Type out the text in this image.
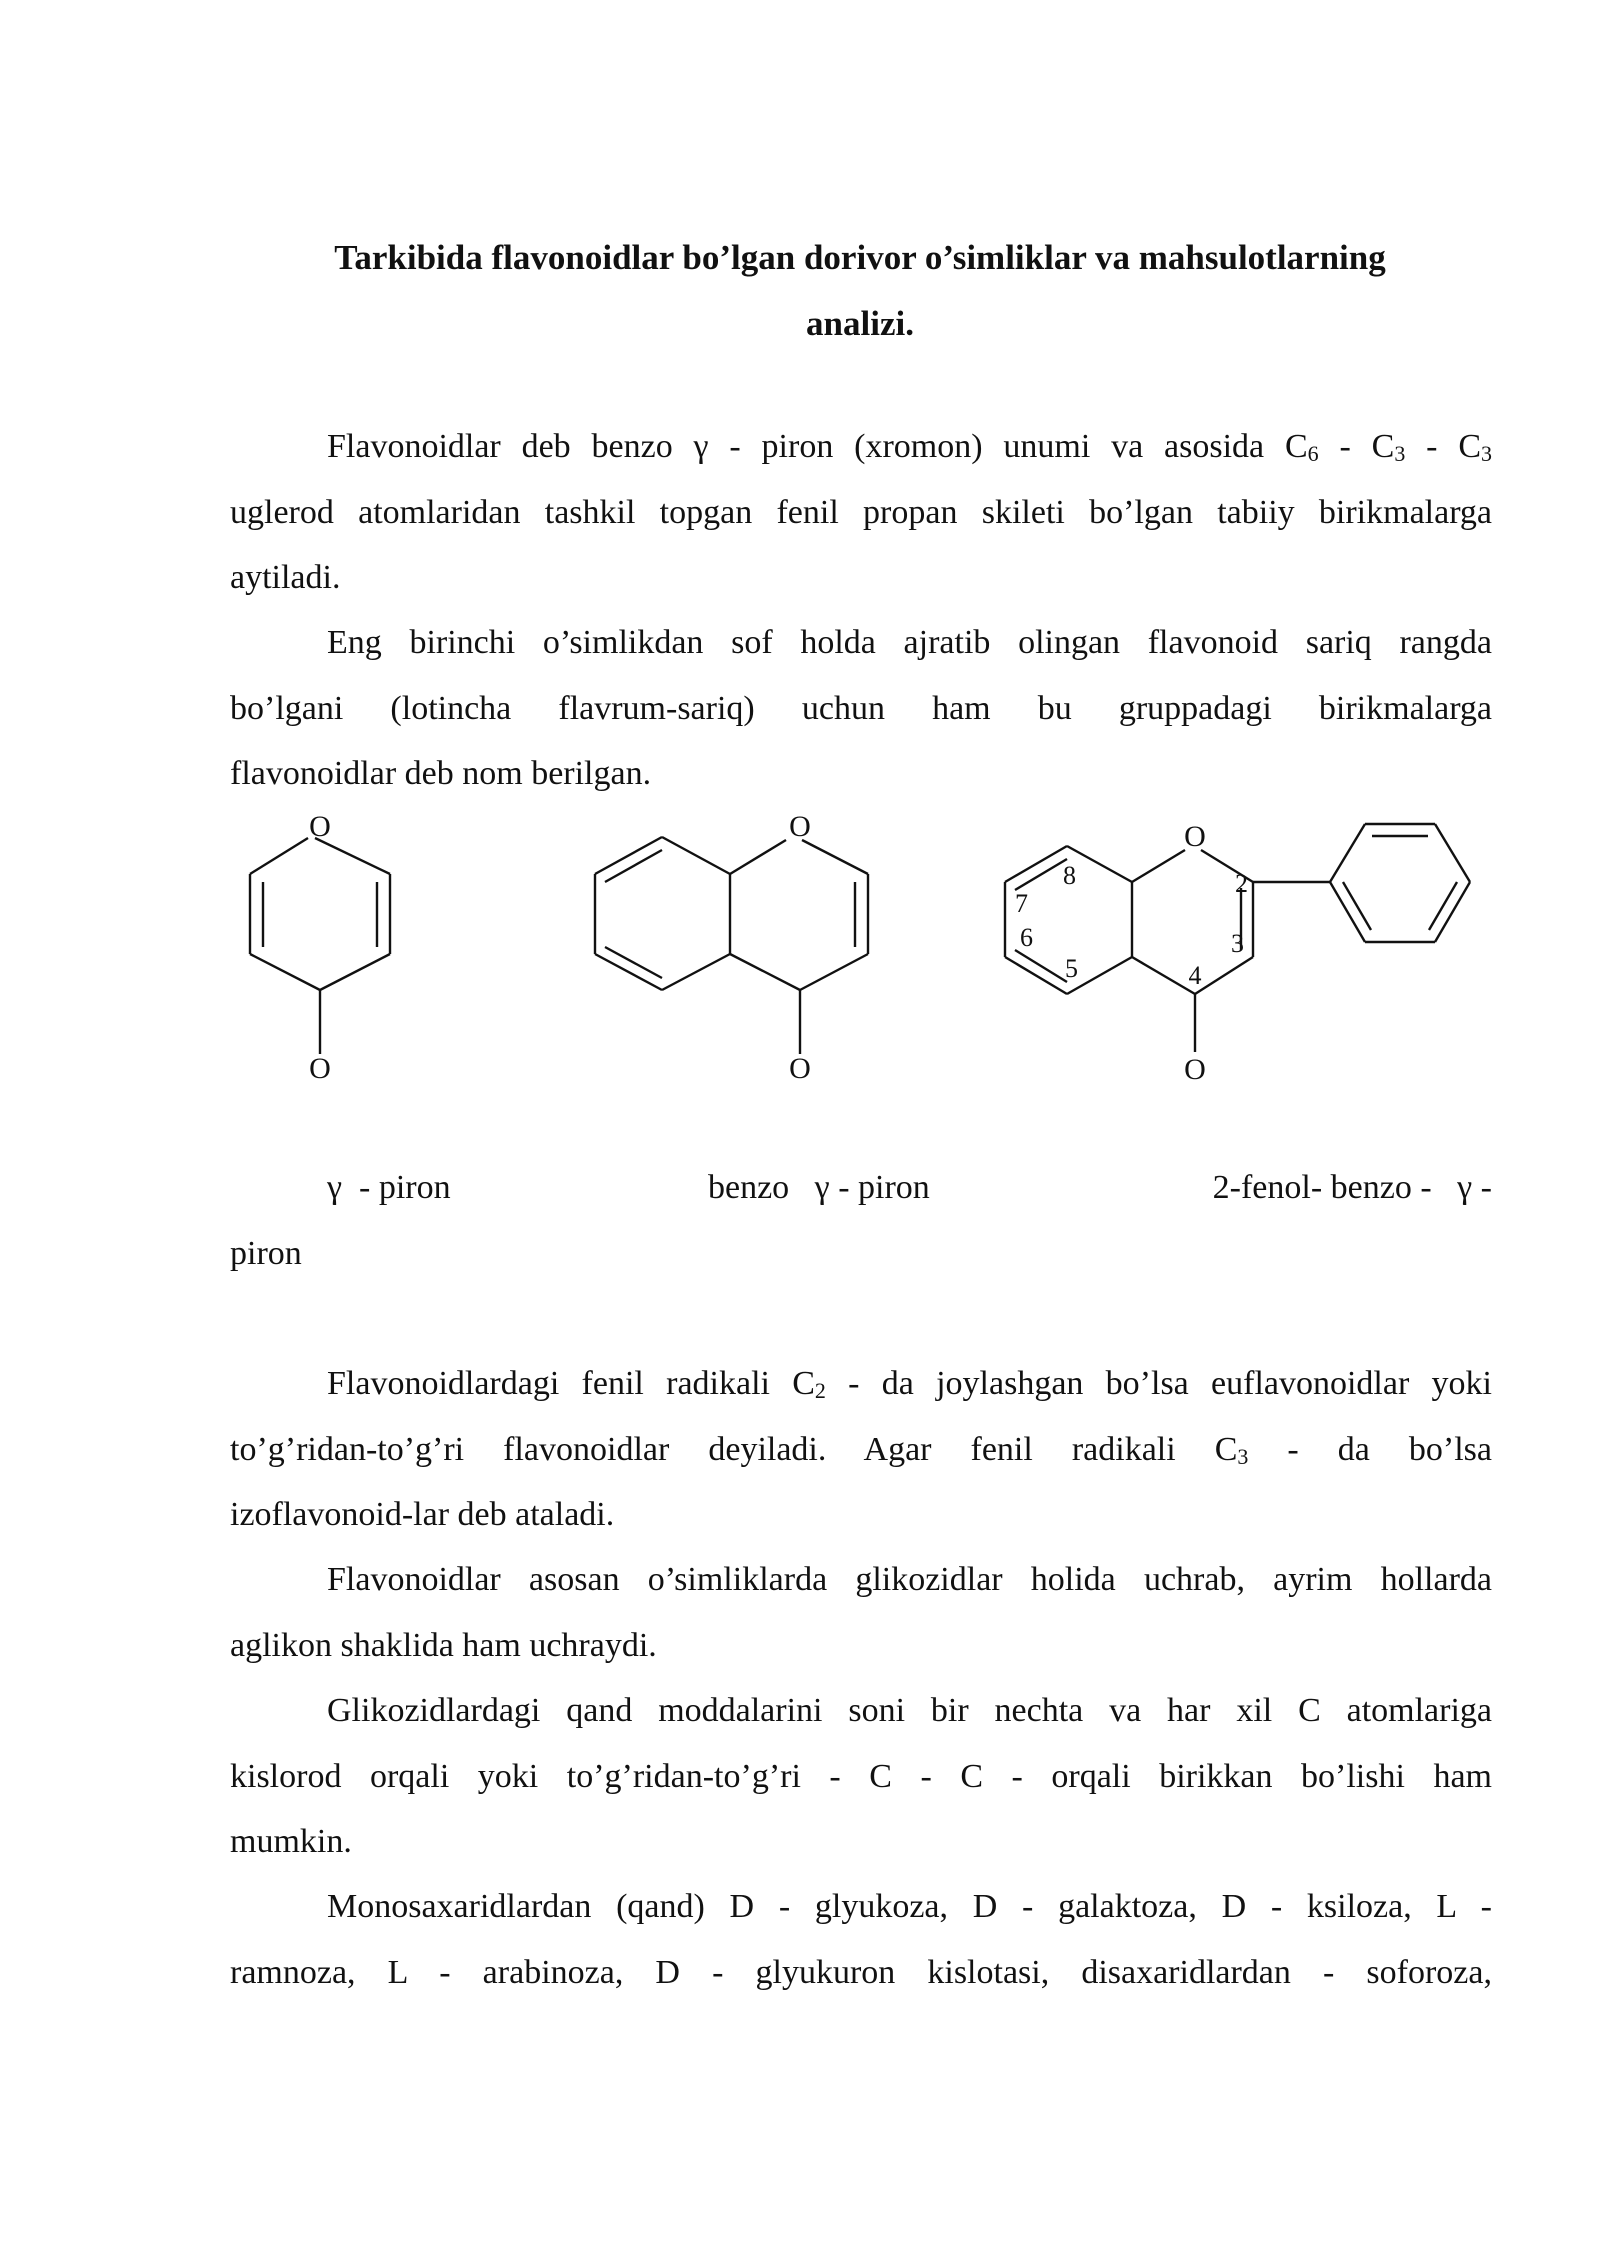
Tarkibida flavonoidlar bo’lgan dorivor o’simliklar va mahsulotlarning
analizi.
Flavonoidlar deb benzo γ - piron (xromon) unumi va asosida $C_6 - C_3 - C_3$
uglerod atomlaridan tashkil topgan fenil propan skileti bo’lgan tabiiy birikmalarga
aytiladi.
Eng birinchi o’simlikdan sof holda ajratib olingan flavonoid sariq rangda
bo’lgani (lotincha flavrum-sariq) uchun ham bu gruppadagi birikmalarga
flavonoidlar deb nom berilgan.
O
O
O
O
O
O
2
3
4
5
6
7
8
γ  - piron	benzo   γ - piron	2-fenol- benzo -   γ -
piron
Flavonoidlardagi fenil radikali $C_2$ - da joylashgan bo’lsa euflavonoidlar yoki
to’g’ridan-to’g’ri flavonoidlar deyiladi. Agar fenil radikali $C_3$ - da bo’lsa
izoflavonoid-lar deb ataladi.
Flavonoidlar asosan o’simliklarda glikozidlar holida uchrab, ayrim hollarda
aglikon shaklida ham uchraydi.
Glikozidlardagi qand moddalarini soni bir nechta va har xil C atomlariga
kislorod orqali yoki to’g’ridan-to’g’ri - C - C - orqali birikkan bo’lishi ham
mumkin.
Monosaxaridlardan (qand) D - glyukoza, D - galaktoza, D - ksiloza, L -
ramnoza, L - arabinoza, D - glyukuron kislotasi, disaxaridlardan - soforoza,
